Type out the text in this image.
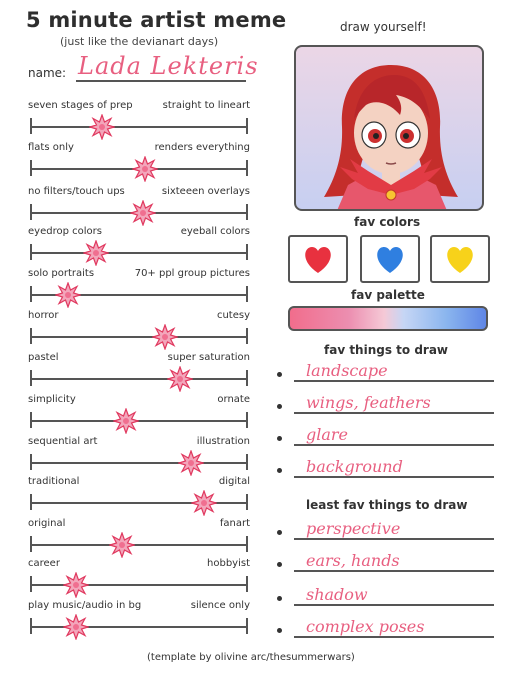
5 minute artist meme
(just like the devianart days)
name: Lada Lekteris
seven stages of prep	straight to lineart
flats only	renders everything
no filters/touch ups	sixteeen overlays
eyedrop colors	eyeball colors
solo portraits	70+ ppl group pictures
horror	cutesy
pastel	super saturation
simplicity	ornate
sequential art	illustration
traditional	digital
original	fanart
career	hobbyist
play music/audio in bg	silence only
draw yourself!
fav colors
fav palette
fav things to draw
landscape
wings, feathers
glare
background
least fav things to draw
perspective
ears, hands
shadow
complex poses
(template by olivine arc/thesummerwars)
